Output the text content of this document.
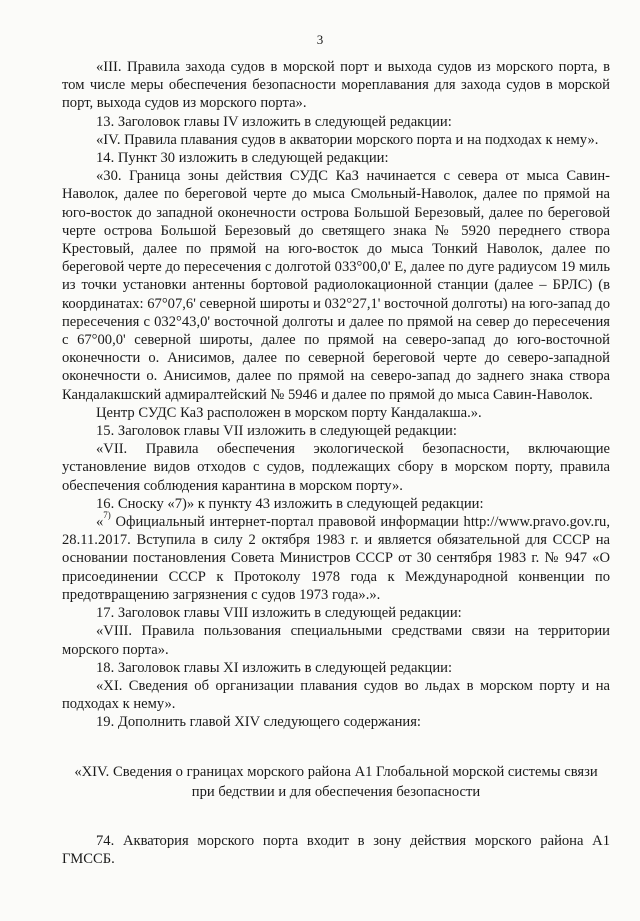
3

«III. Правила захода судов в морской порт и выхода судов из морского порта, в том числе меры обеспечения безопасности мореплавания для захода судов в морской порт, выхода судов из морского порта».

13. Заголовок главы IV изложить в следующей редакции:

«IV. Правила плавания судов в акватории морского порта и на подходах к нему».

14. Пункт 30 изложить в следующей редакции:

«30. Граница зоны действия СУДС КаЗ начинается с севера от мыса Савин-Наволок, далее по береговой черте до мыса Смольный-Наволок, далее по прямой на юго-восток до западной оконечности острова Большой Березовый, далее по береговой черте острова Большой Березовый до светящего знака № 5920 переднего створа Крестовый, далее по прямой на юго-восток до мыса Тонкий Наволок, далее по береговой черте до пересечения с долготой 033°00,0' Е, далее по дуге радиусом 19 миль из точки установки антенны бортовой радиолокационной станции (далее – БРЛС) (в координатах: 67°07,6' северной широты и 032°27,1' восточной долготы) на юго-запад до пересечения с 032°43,0' восточной долготы и далее по прямой на север до пересечения с 67°00,0' северной широты, далее по прямой на северо-запад до юго-восточной оконечности о. Анисимов, далее по северной береговой черте до северо-западной оконечности о. Анисимов, далее по прямой на северо-запад до заднего знака створа Кандалакшский адмиралтейский № 5946 и далее по прямой до мыса Савин-Наволок.

Центр СУДС КаЗ расположен в морском порту Кандалакша.».

15. Заголовок главы VII изложить в следующей редакции:

«VII. Правила обеспечения экологической безопасности, включающие установление видов отходов с судов, подлежащих сбору в морском порту, правила обеспечения соблюдения карантина в морском порту».

16. Сноску «7)» к пункту 43 изложить в следующей редакции:

«$^{7)}$ Официальный интернет-портал правовой информации http://www.pravo.gov.ru, 28.11.2017. Вступила в силу 2 октября 1983 г. и является обязательной для СССР на основании постановления Совета Министров СССР от 30 сентября 1983 г. № 947 «О присоединении СССР к Протоколу 1978 года к Международной конвенции по предотвращению загрязнения с судов 1973 года».».

17. Заголовок главы VIII изложить в следующей редакции:

«VIII. Правила пользования специальными средствами связи на территории морского порта».

18. Заголовок главы XI изложить в следующей редакции:

«XI. Сведения об организации плавания судов во льдах в морском порту и на подходах к нему».

19. Дополнить главой XIV следующего содержания:

«XIV. Сведения о границах морского района А1 Глобальной морской системы связи при бедствии и для обеспечения безопасности

74. Акватория морского порта входит в зону действия морского района А1 ГМССБ.
